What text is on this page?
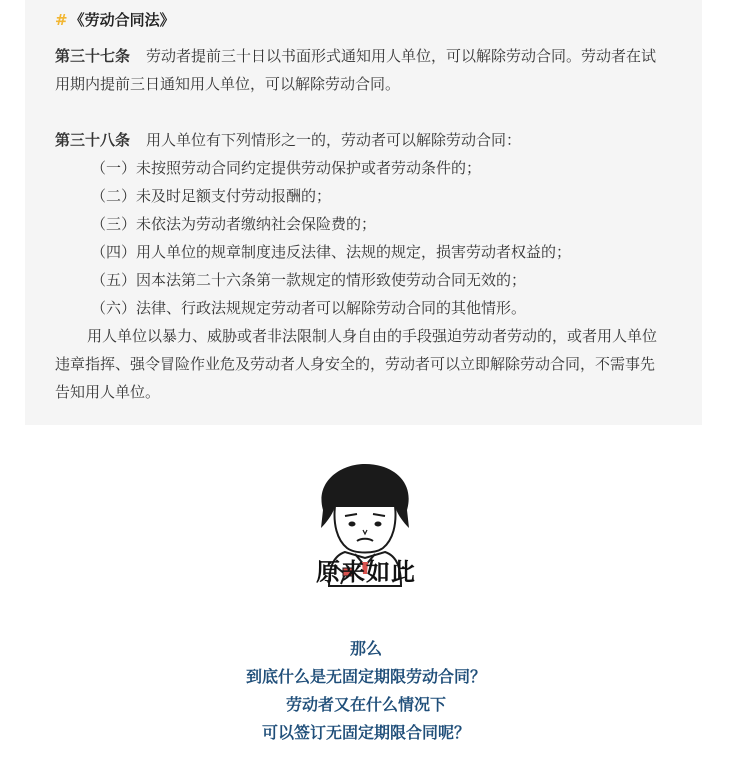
# 《劳动合同法》
第三十七条 劳动者提前三十日以书面形式通知用人单位，可以解除劳动合同。劳动者在试用期内提前三日通知用人单位，可以解除劳动合同。
第三十八条 用人单位有下列情形之一的，劳动者可以解除劳动合同：
（一）未按照劳动合同约定提供劳动保护或者劳动条件的；
（二）未及时足额支付劳动报酬的；
（三）未依法为劳动者缴纳社会保险费的；
（四）用人单位的规章制度违反法律、法规的规定，损害劳动者权益的；
（五）因本法第二十六条第一款规定的情形致使劳动合同无效的；
（六）法律、行政法规规定劳动者可以解除劳动合同的其他情形。
用人单位以暴力、威胁或者非法限制人身自由的手段强迫劳动者劳动的，或者用人单位违章指挥、强令冒险作业危及劳动者人身安全的，劳动者可以立即解除劳动合同，不需事先告知用人单位。
原来如此
那么
到底什么是无固定期限劳动合同？
劳动者又在什么情况下
可以签订无固定期限合同呢？
